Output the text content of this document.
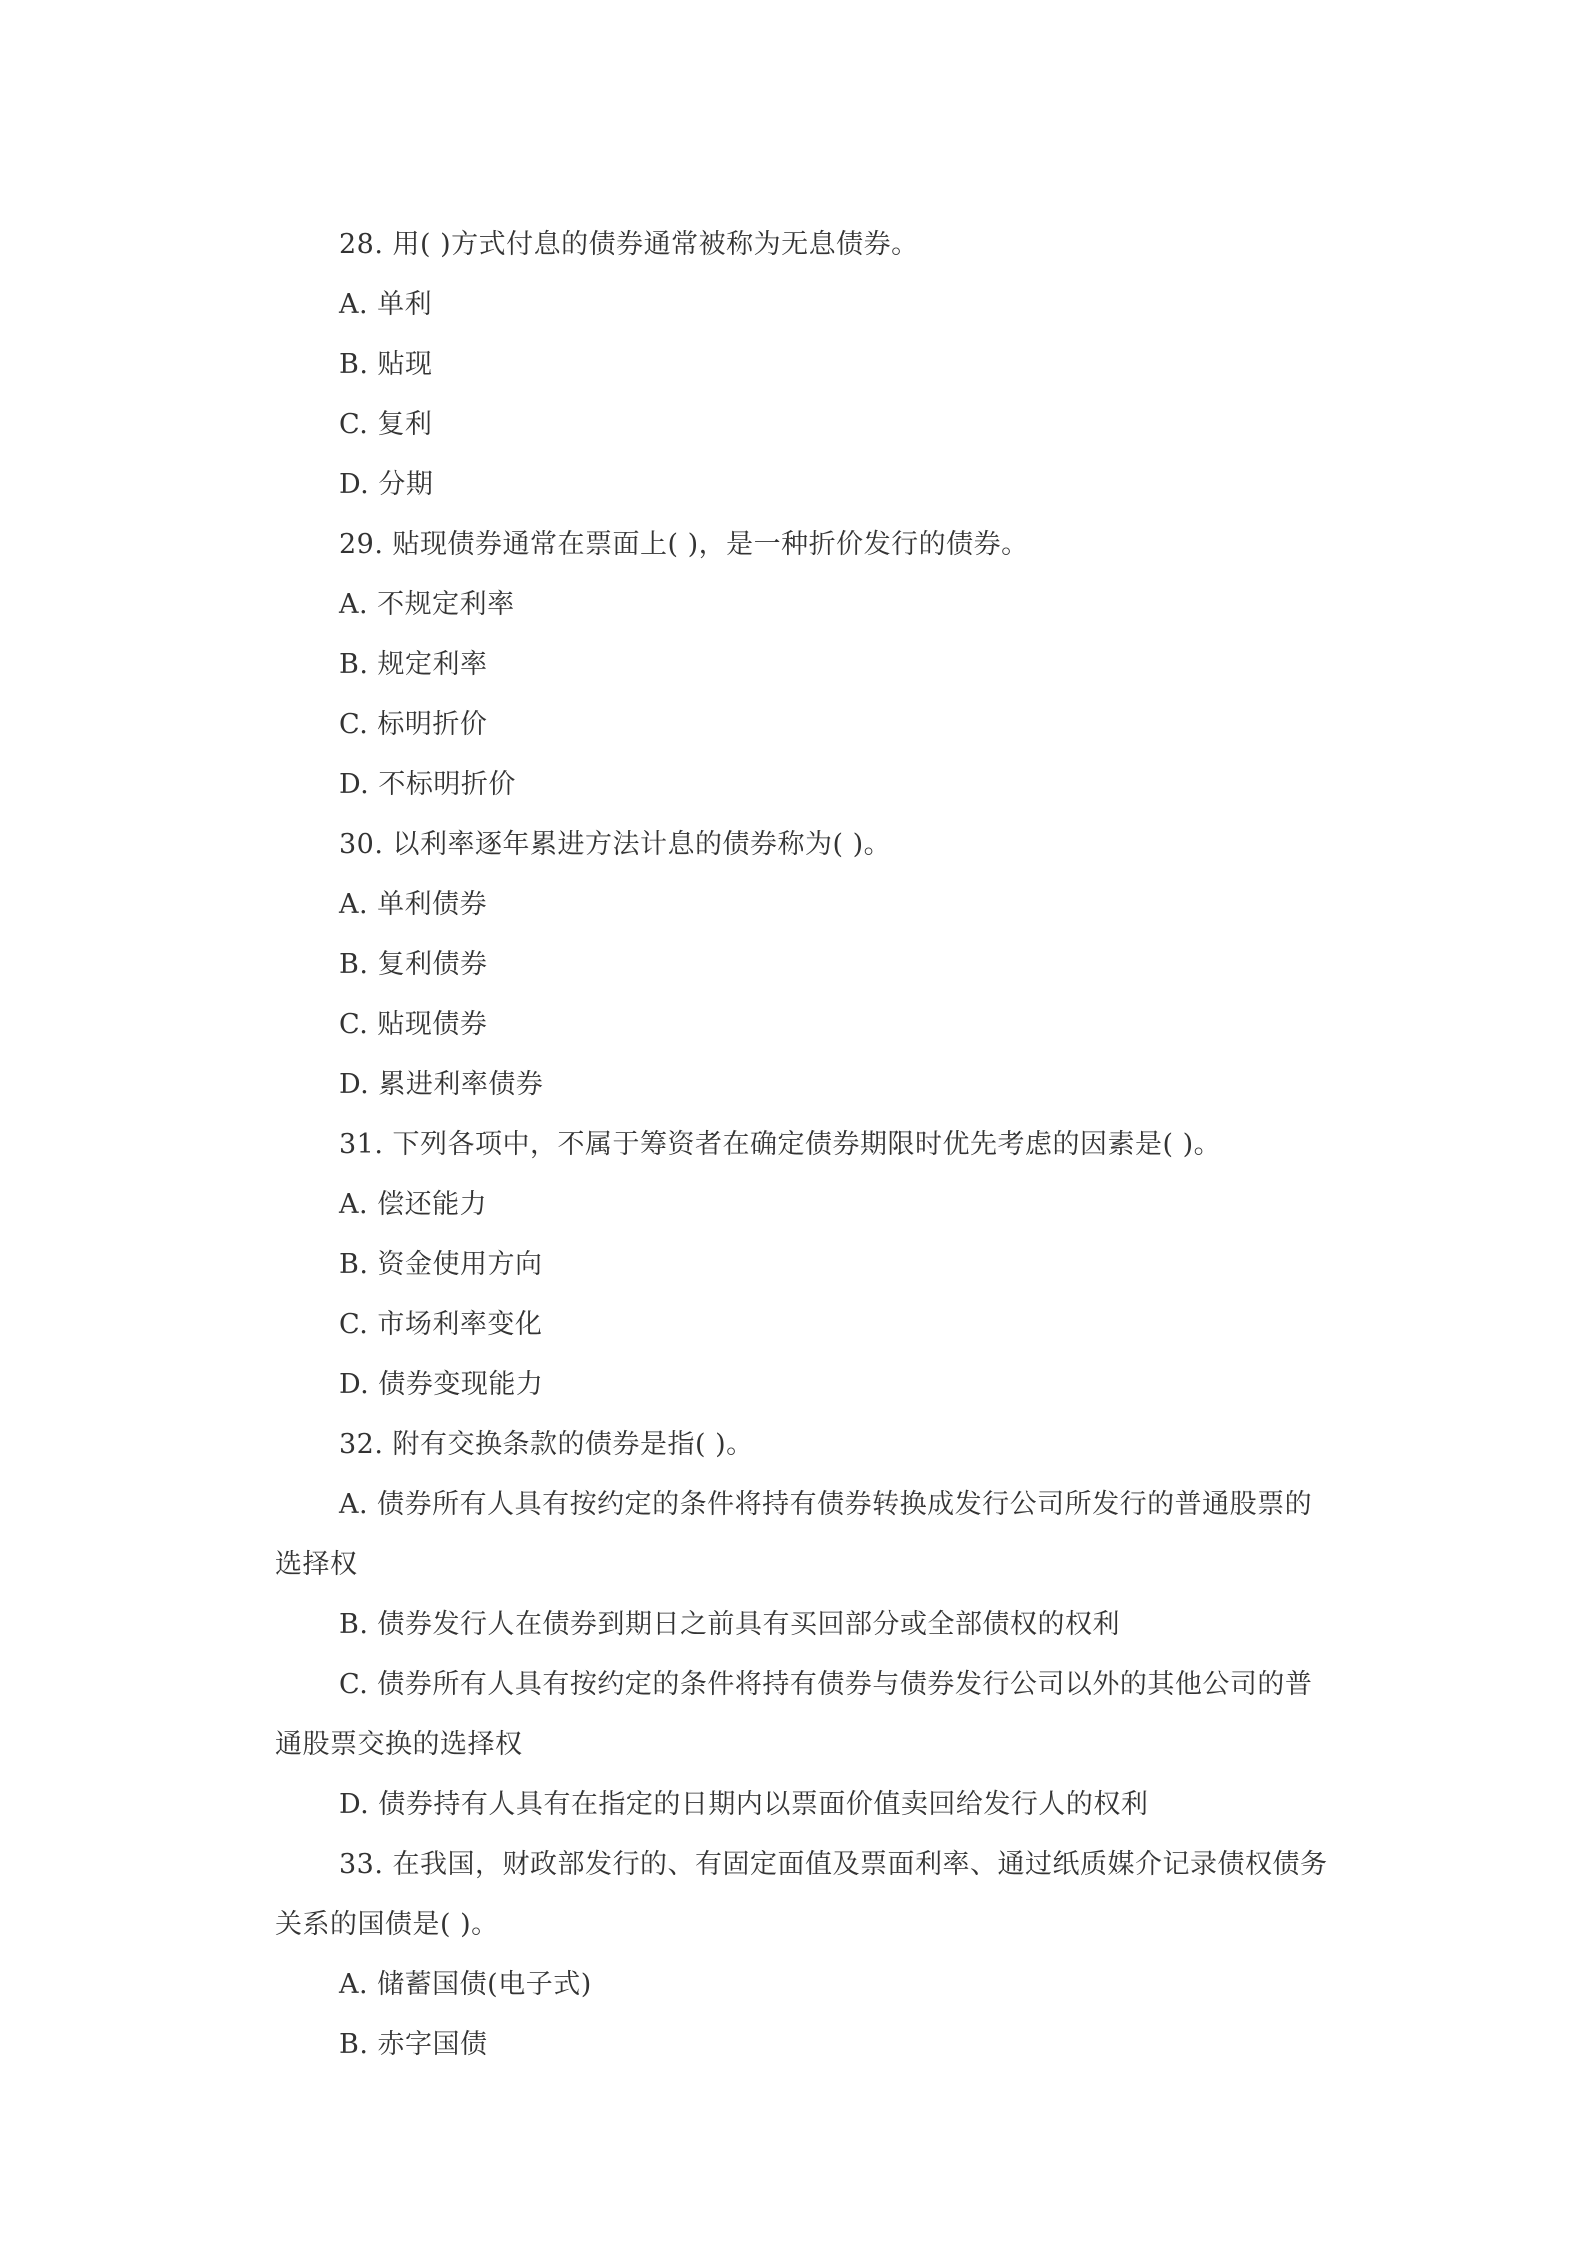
28. 用( )方式付息的债券通常被称为无息债券。
A. 单利
B. 贴现
C. 复利
D. 分期
29. 贴现债券通常在票面上( )，是一种折价发行的债券。
A. 不规定利率
B. 规定利率
C. 标明折价
D. 不标明折价
30. 以利率逐年累进方法计息的债券称为( )。
A. 单利债券
B. 复利债券
C. 贴现债券
D. 累进利率债券
31. 下列各项中，不属于筹资者在确定债券期限时优先考虑的因素是( )。
A. 偿还能力
B. 资金使用方向
C. 市场利率变化
D. 债券变现能力
32. 附有交换条款的债券是指( )。
A. 债券所有人具有按约定的条件将持有债券转换成发行公司所发行的普通股票的选择权
B. 债券发行人在债券到期日之前具有买回部分或全部债权的权利
C. 债券所有人具有按约定的条件将持有债券与债券发行公司以外的其他公司的普通股票交换的选择权
D. 债券持有人具有在指定的日期内以票面价值卖回给发行人的权利
33. 在我国，财政部发行的、有固定面值及票面利率、通过纸质媒介记录债权债务关系的国债是( )。
A. 储蓄国债(电子式)
B. 赤字国债
